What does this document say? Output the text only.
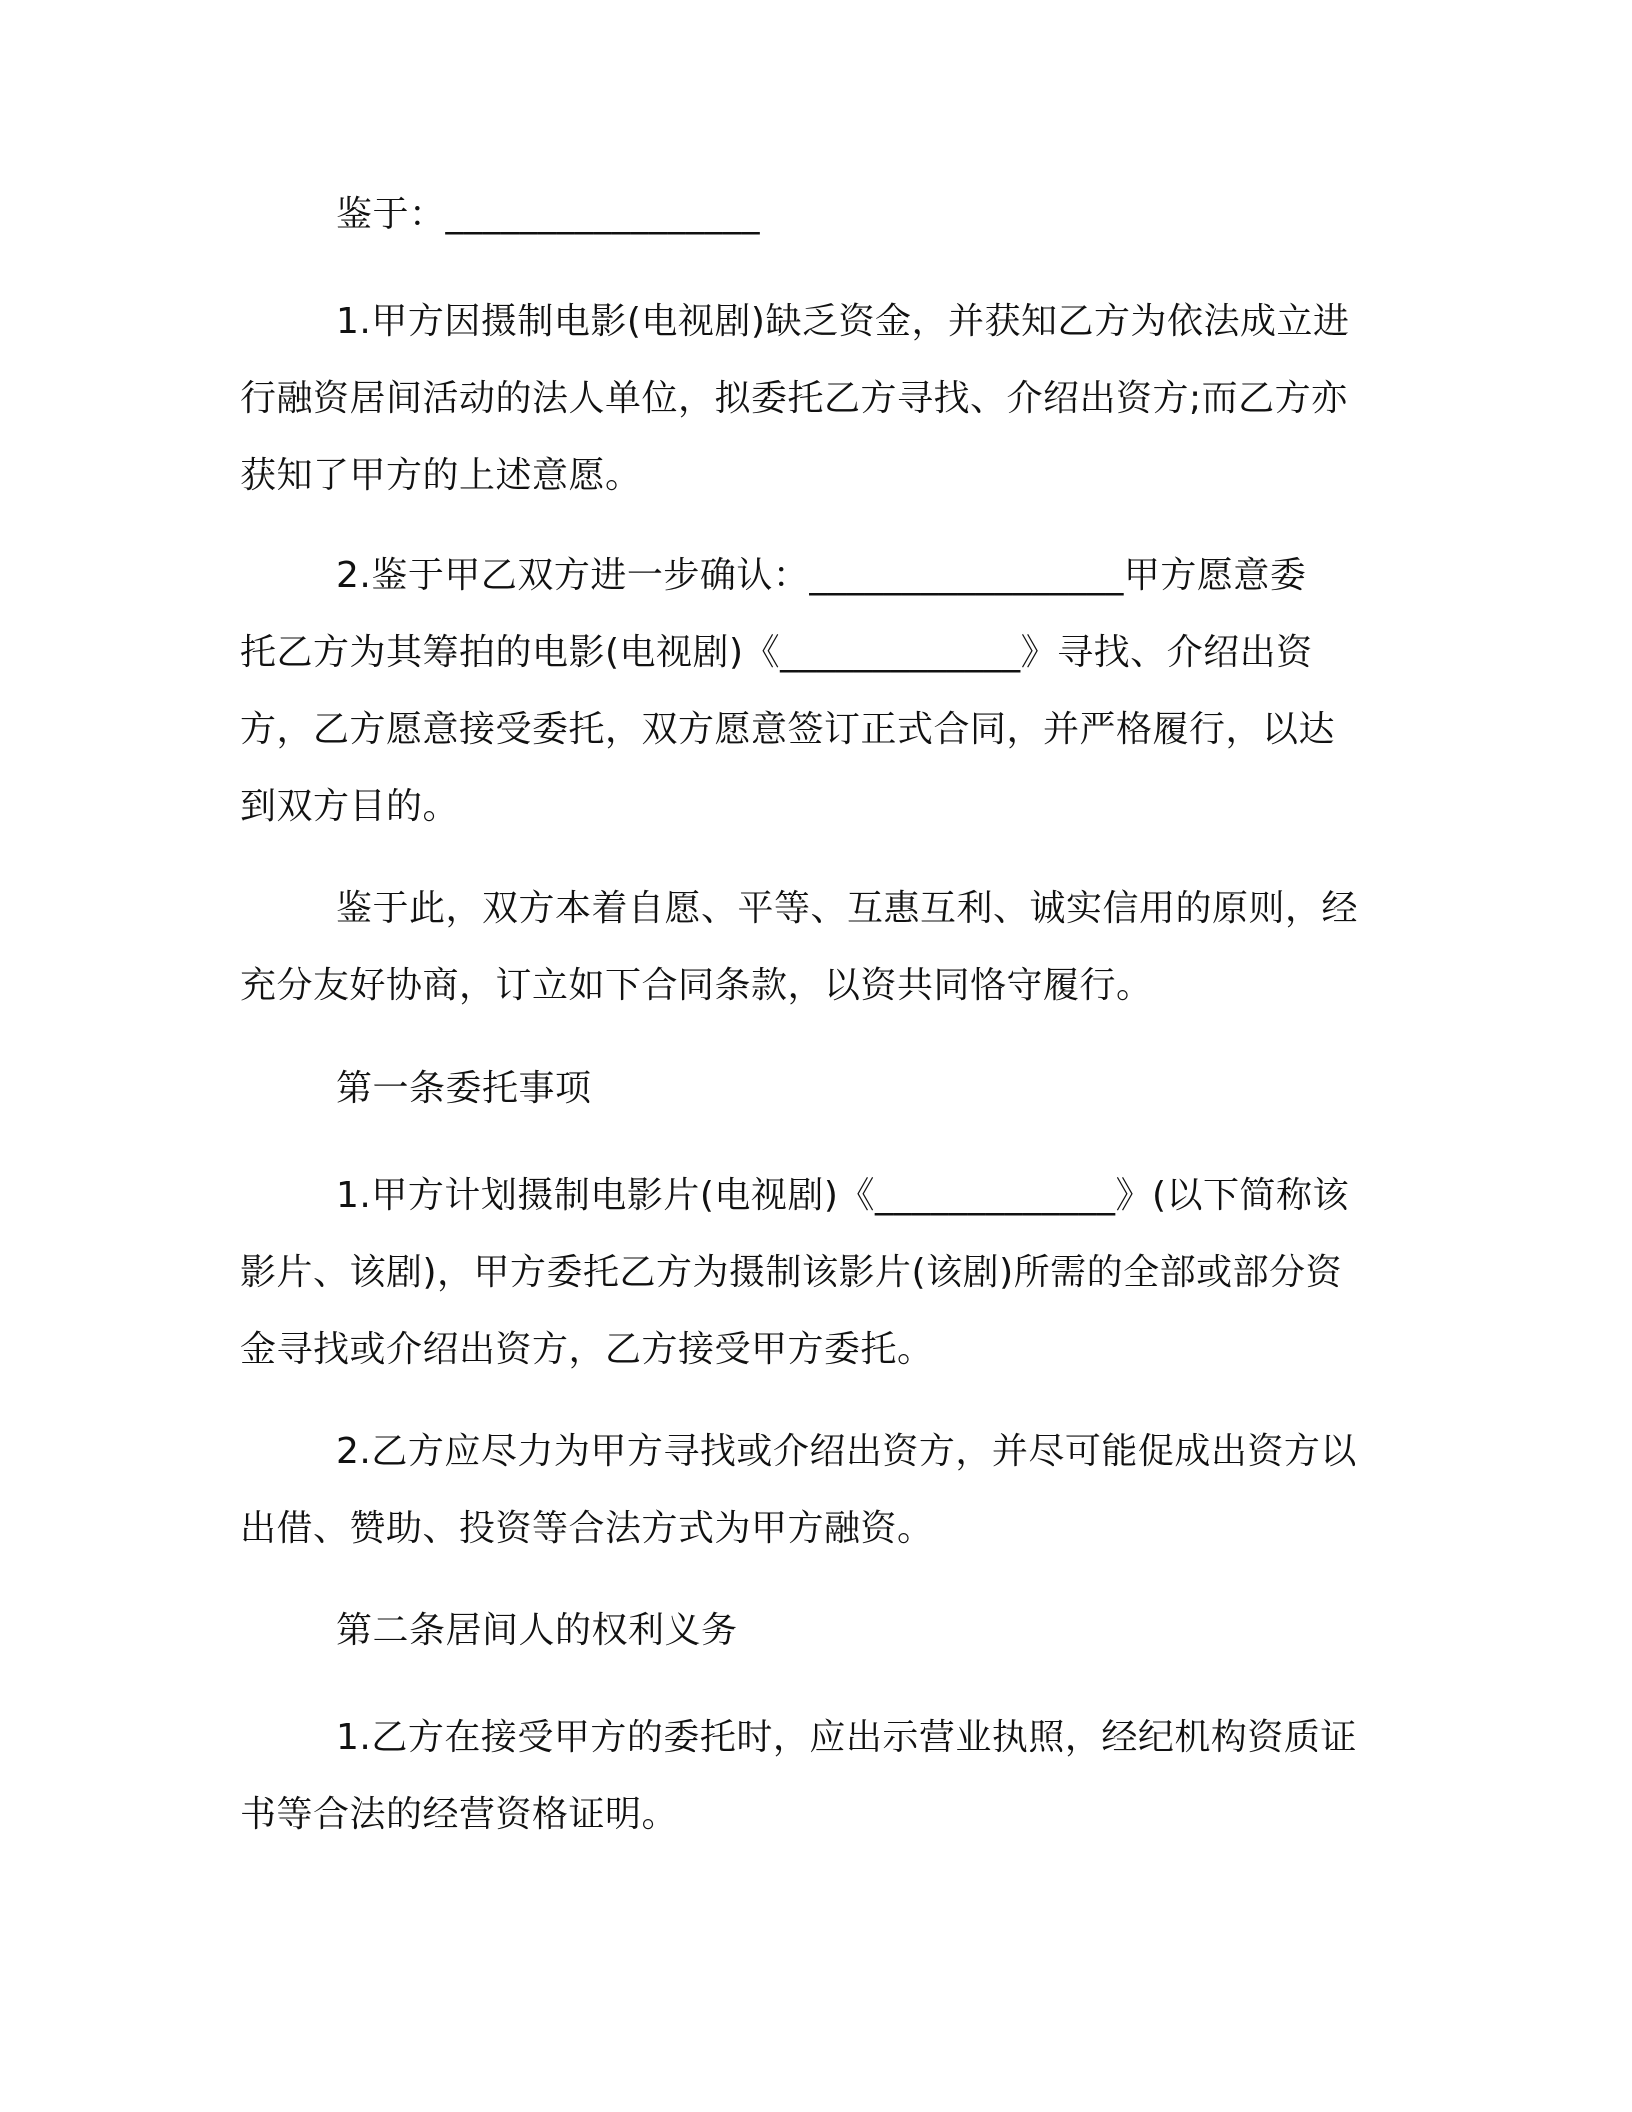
鉴于：_________________

1.甲方因摄制电影(电视剧)缺乏资金，并获知乙方为依法成立进
行融资居间活动的法人单位，拟委托乙方寻找、介绍出资方;而乙方亦
获知了甲方的上述意愿。
2.鉴于甲乙双方进一步确认：_________________甲方愿意委
托乙方为其筹拍的电影(电视剧)《_____________》寻找、介绍出资
方，乙方愿意接受委托，双方愿意签订正式合同，并严格履行，以达
到双方目的。
鉴于此，双方本着自愿、平等、互惠互利、诚实信用的原则，经
充分友好协商，订立如下合同条款，以资共同恪守履行。

第一条委托事项

1.甲方计划摄制电影片(电视剧)《_____________》(以下简称该
影片、该剧)，甲方委托乙方为摄制该影片(该剧)所需的全部或部分资
金寻找或介绍出资方，乙方接受甲方委托。
2.乙方应尽力为甲方寻找或介绍出资方，并尽可能促成出资方以
出借、赞助、投资等合法方式为甲方融资。

第二条居间人的权利义务

1.乙方在接受甲方的委托时，应出示营业执照，经纪机构资质证
书等合法的经营资格证明。
